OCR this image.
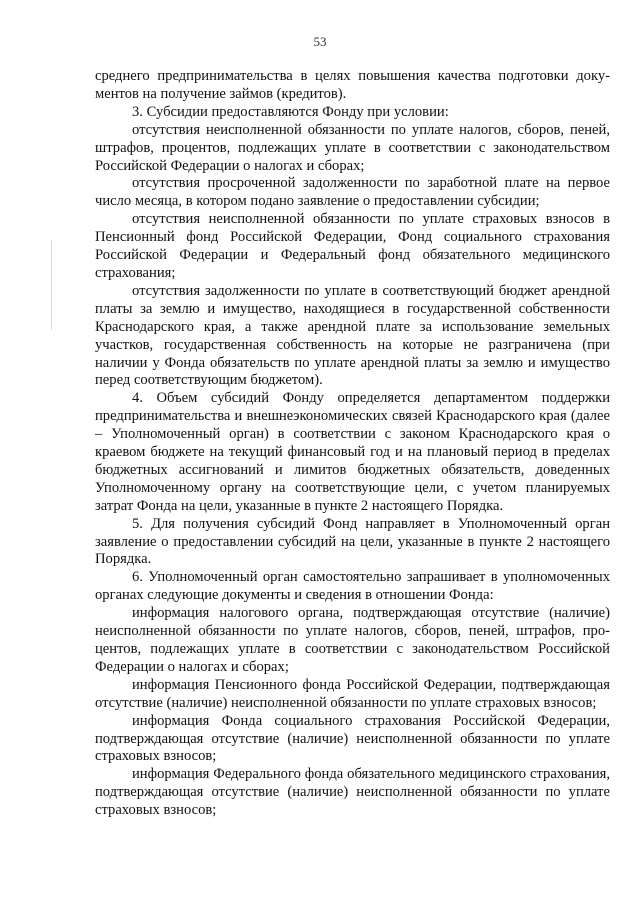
53

среднего предпринимательства в целях повышения качества подготовки документов на получение займов (кредитов).

3. Субсидии предоставляются Фонду при условии:

отсутствия неисполненной обязанности по уплате налогов, сборов, пеней, штрафов, процентов, подлежащих уплате в соответствии с законодательством Российской Федерации о налогах и сборах;

отсутствия просроченной задолженности по заработной плате на первое число месяца, в котором подано заявление о предоставлении субсидии;

отсутствия неисполненной обязанности по уплате страховых взносов в Пенсионный фонд Российской Федерации, Фонд социального страхования Российской Федерации и Федеральный фонд обязательного медицинского страхования;

отсутствия задолженности по уплате в соответствующий бюджет арендной платы за землю и имущество, находящиеся в государственной собственности Краснодарского края, а также арендной плате за использование земельных участков, государственная собственность на которые не разграничена (при наличии у Фонда обязательств по уплате арендной платы за землю и имущество перед соответствующим бюджетом).

4. Объем субсидий Фонду определяется департаментом поддержки предпринимательства и внешнеэкономических связей Краснодарского края (далее – Уполномоченный орган) в соответствии с законом Краснодарского края о краевом бюджете на текущий финансовый год и на плановый период в пределах бюджетных ассигнований и лимитов бюджетных обязательств, доведенных Уполномоченному органу на соответствующие цели, с учетом планируемых затрат Фонда на цели, указанные в пункте 2 настоящего Порядка.

5. Для получения субсидий Фонд направляет в Уполномоченный орган заявление о предоставлении субсидий на цели, указанные в пункте 2 настоящего Порядка.

6. Уполномоченный орган самостоятельно запрашивает в уполномоченных органах следующие документы и сведения в отношении Фонда:

информация налогового органа, подтверждающая отсутствие (наличие) неисполненной обязанности по уплате налогов, сборов, пеней, штрафов, процентов, подлежащих уплате в соответствии с законодательством Российской Федерации о налогах и сборах;

информация Пенсионного фонда Российской Федерации, подтверждающая отсутствие (наличие) неисполненной обязанности по уплате страховых взносов;

информация Фонда социального страхования Российской Федерации, подтверждающая отсутствие (наличие) неисполненной обязанности по уплате страховых взносов;

информация Федерального фонда обязательного медицинского страхования, подтверждающая отсутствие (наличие) неисполненной обязанности по уплате страховых взносов;
